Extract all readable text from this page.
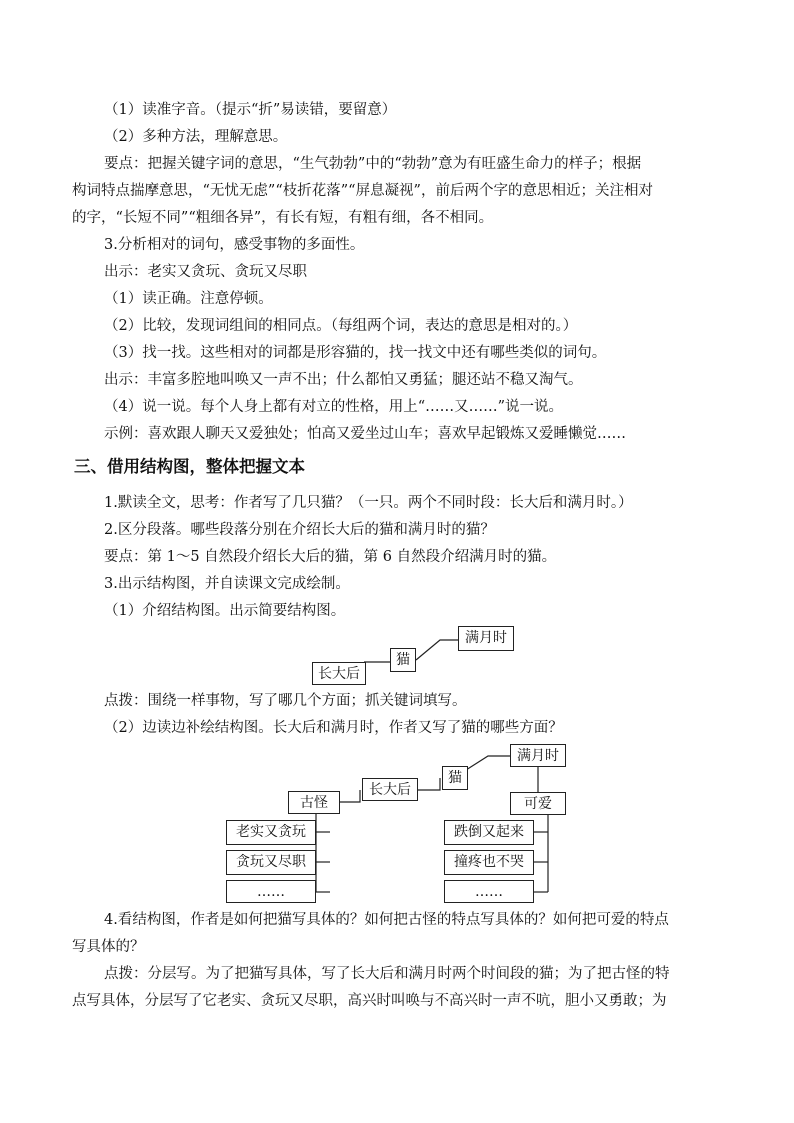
（1）读准字音。（提示“折”易读错，要留意）
（2）多种方法，理解意思。
要点：把握关键字词的意思，“生气勃勃”中的“勃勃”意为有旺盛生命力的样子；根据
构词特点揣摩意思，“无忧无虑”“枝折花落”“屏息凝视”，前后两个字的意思相近；关注相对
的字，“长短不同”“粗细各异”，有长有短，有粗有细，各不相同。
3.分析相对的词句，感受事物的多面性。
出示：老实又贪玩、贪玩又尽职
（1）读正确。注意停顿。
（2）比较，发现词组间的相同点。（每组两个词，表达的意思是相对的。）
（3）找一找。这些相对的词都是形容猫的，找一找文中还有哪些类似的词句。
出示：丰富多腔地叫唤又一声不出；什么都怕又勇猛；腿还站不稳又淘气。
（4）说一说。每个人身上都有对立的性格，用上“……又……”说一说。
示例：喜欢跟人聊天又爱独处；怕高又爱坐过山车；喜欢早起锻炼又爱睡懒觉……
三、借用结构图，整体把握文本
1.默读全文，思考：作者写了几只猫？（一只。两个不同时段：长大后和满月时。）
2.区分段落。哪些段落分别在介绍长大后的猫和满月时的猫？
要点：第 1～5 自然段介绍长大后的猫，第 6 自然段介绍满月时的猫。
3.出示结构图，并自读课文完成绘制。
（1）介绍结构图。出示简要结构图。
满月时
猫
长大后
点拨：围绕一样事物，写了哪几个方面；抓关键词填写。
（2）边读边补绘结构图。长大后和满月时，作者又写了猫的哪些方面？
满月时
猫
长大后
古怪	可爱
老实又贪玩
贪玩又尽职
……
跌倒又起来
撞疼也不哭
……
4.看结构图，作者是如何把猫写具体的？如何把古怪的特点写具体的？如何把可爱的特点
写具体的？
点拨：分层写。为了把猫写具体，写了长大后和满月时两个时间段的猫；为了把古怪的特
点写具体，分层写了它老实、贪玩又尽职，高兴时叫唤与不高兴时一声不吭，胆小又勇敢；为
